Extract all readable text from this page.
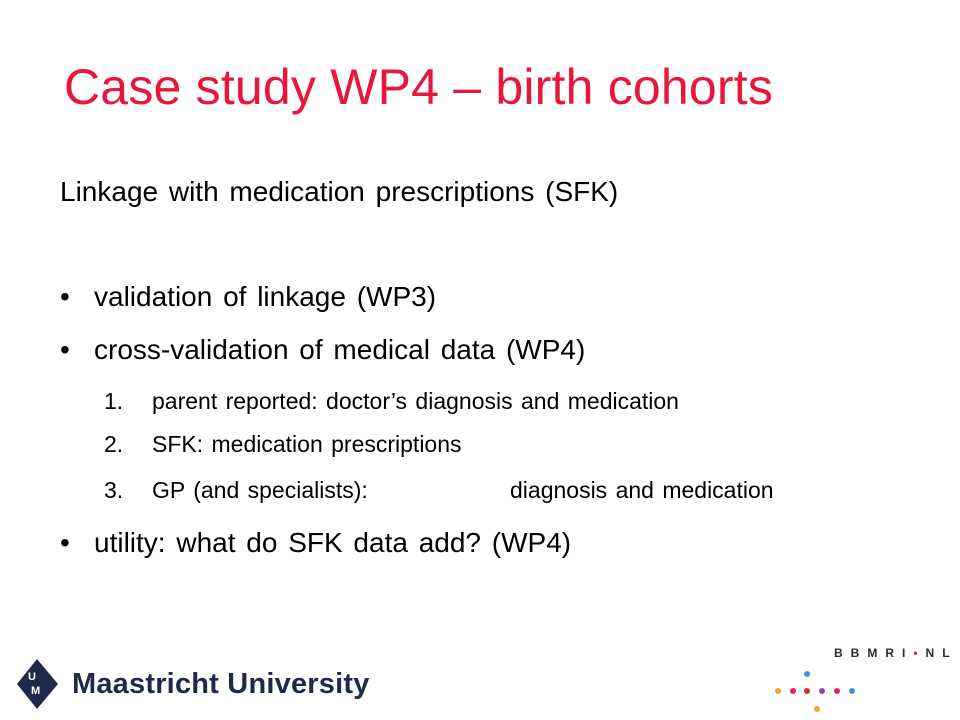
Case study WP4 – birth cohorts
Linkage with medication prescriptions (SFK)
• validation of linkage (WP3)
• cross-validation of medical data (WP4)
1. parent reported: doctor’s diagnosis and medication
2. SFK: medication prescriptions
3. GP (and specialists):	diagnosis and medication
• utility: what do SFK data add? (WP4)
U
M Maastricht University
BBMRI•NL
